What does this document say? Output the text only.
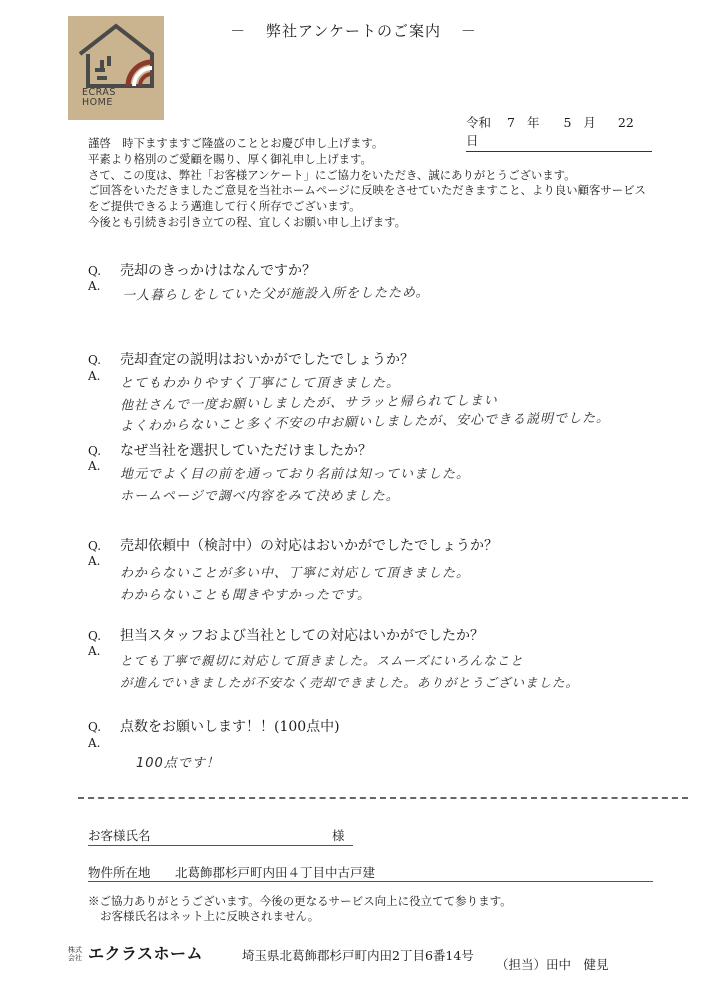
ECRAS
HOME
－ 弊社アンケートのご案内 －
令和 7 年 5 月 22 日
謹啓　時下ますますご隆盛のこととお慶び申し上げます。
平素より格別のご愛顧を賜り、厚く御礼申し上げます。
さて、この度は、弊社「お客様アンケート」にご協力をいただき、誠にありがとうございます。
ご回答をいただきましたご意見を当社ホームページに反映をさせていただきますこと、より良い顧客サービス
をご提供できるよう邁進して行く所存でございます。
今後とも引続きお引き立ての程、宜しくお願い申し上げます。
Q. 売却のきっかけはなんですか？
A. 一人暮らしをしていた父が施設入所をしたため。
Q. 売却査定の説明はおいかがでしたでしょうか？
A. とてもわかりやすく丁寧にして頂きました。
他社さんで一度お願いしましたが、サラッと帰られてしまい
よくわからないこと多く不安の中お願いしましたが、安心できる説明でした。
Q. なぜ当社を選択していただけましたか？
A.
地元でよく目の前を通っており名前は知っていました。
ホームページで調べ内容をみて決めました。
Q. 売却依頼中（検討中）の対応はおいかがでしたでしょうか？
A.
わからないことが多い中、丁寧に対応して頂きました。
わからないことも聞きやすかったです。
Q. 担当スタッフおよび当社としての対応はいかがでしたか？
A.
とても丁寧で親切に対応して頂きました。スムーズにいろんなこと
が進んでいきましたが不安なく売却できました。ありがとうございました。
Q. 点数をお願いします！！(100点中)
A.
100点です！
お客様氏名	様
物件所在地 北葛飾郡杉戸町内田４丁目中古戸建
※ご協力ありがとうございます。今後の更なるサービス向上に役立てて参ります。
お客様氏名はネット上に反映されません。
株式
会社 エクラスホーム	埼玉県北葛飾郡杉戸町内田2丁目6番14号
（担当）田中　健見
